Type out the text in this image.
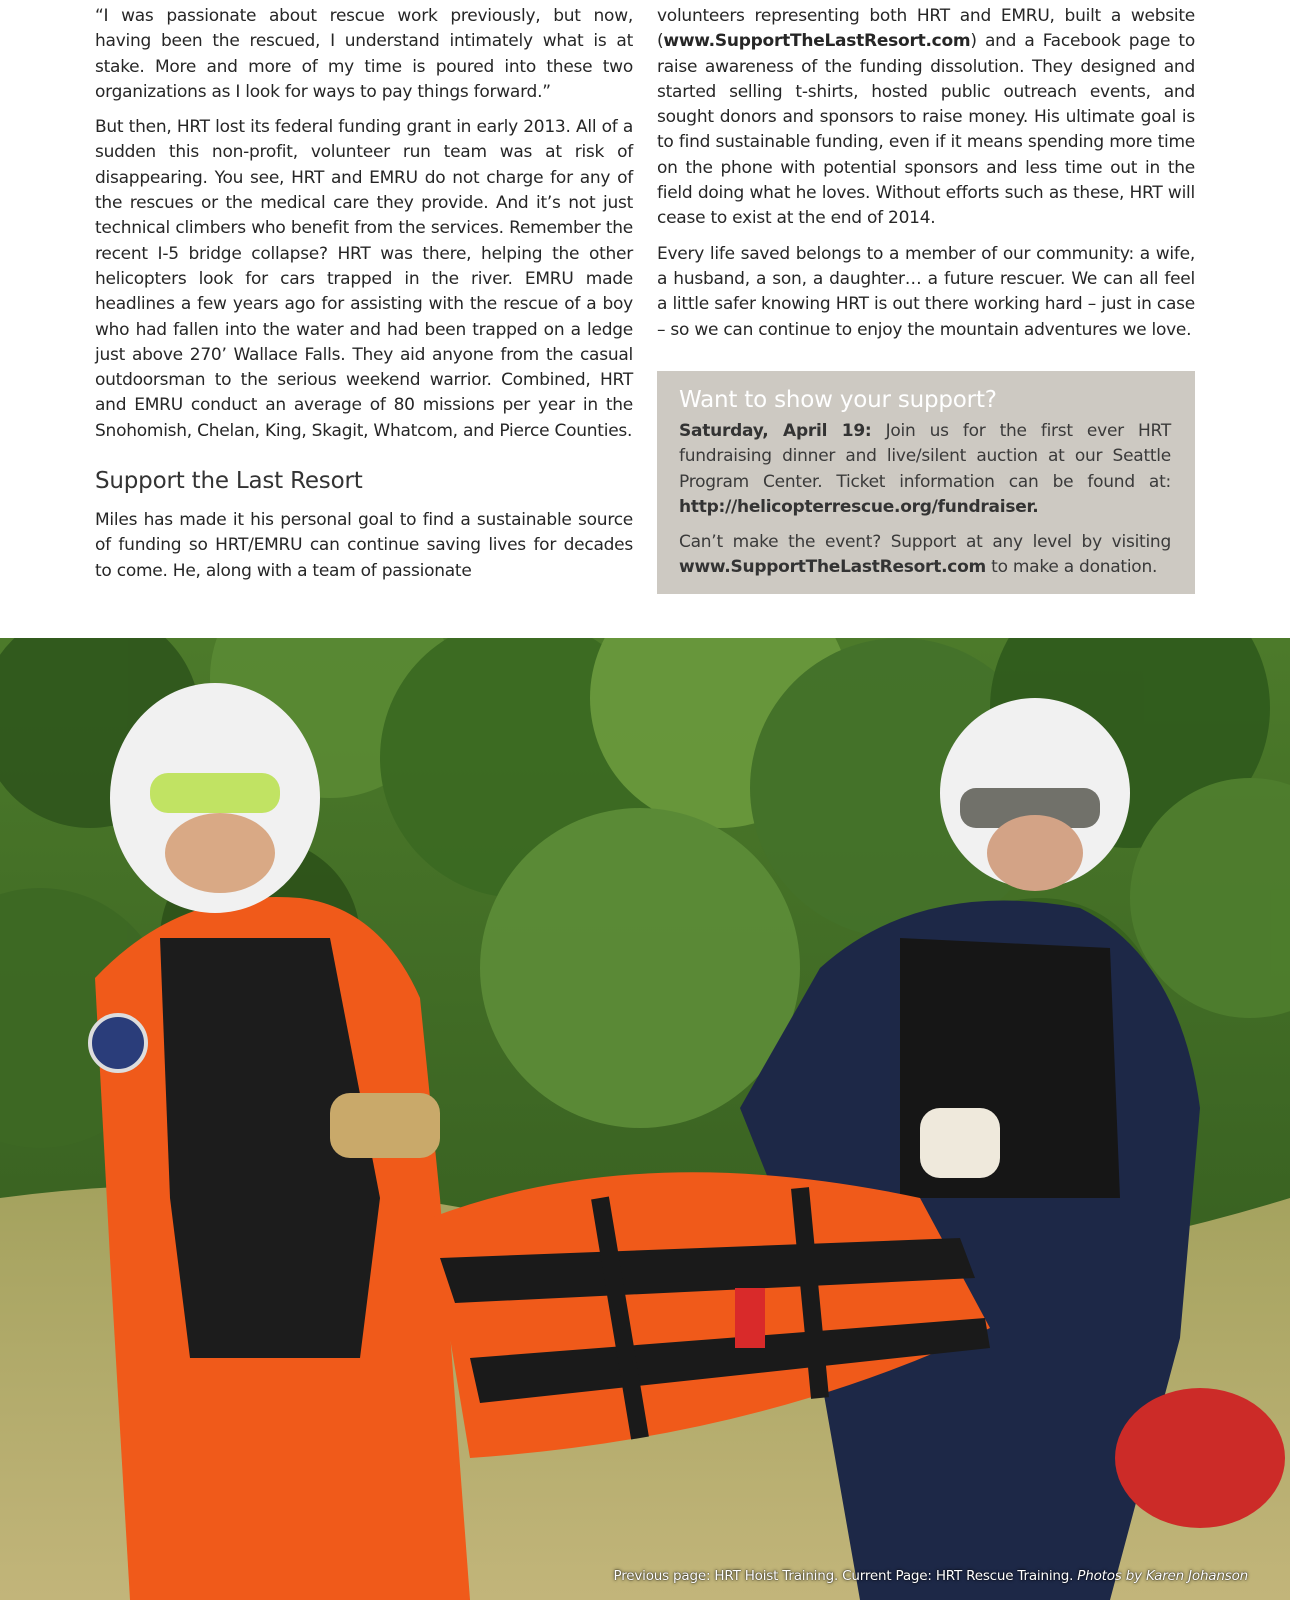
“I was passionate about rescue work previously, but now, having been the rescued, I understand intimately what is at stake. More and more of my time is poured into these two organizations as I look for ways to pay things forward.”

But then, HRT lost its federal funding grant in early 2013. All of a sudden this non-profit, volunteer run team was at risk of disappearing. You see, HRT and EMRU do not charge for any of the rescues or the medical care they provide. And it’s not just technical climbers who benefit from the services. Remember the recent I-5 bridge collapse? HRT was there, helping the other helicopters look for cars trapped in the river. EMRU made headlines a few years ago for assisting with the rescue of a boy who had fallen into the water and had been trapped on a ledge just above 270’ Wallace Falls. They aid anyone from the casual outdoorsman to the serious weekend warrior. Combined, HRT and EMRU conduct an average of 80 missions per year in the Snohomish, Chelan, King, Skagit, Whatcom, and Pierce Counties.

Support the Last Resort

Miles has made it his personal goal to find a sustainable source of funding so HRT/EMRU can continue saving lives for decades to come. He, along with a team of passionate

volunteers representing both HRT and EMRU, built a website (www.SupportTheLastResort.com) and a Facebook page to raise awareness of the funding dissolution. They designed and started selling t-shirts, hosted public outreach events, and sought donors and sponsors to raise money. His ultimate goal is to find sustainable funding, even if it means spending more time on the phone with potential sponsors and less time out in the field doing what he loves. Without efforts such as these, HRT will cease to exist at the end of 2014.

Every life saved belongs to a member of our community: a wife, a husband, a son, a daughter… a future rescuer. We can all feel a little safer knowing HRT is out there working hard – just in case – so we can continue to enjoy the mountain adventures we love.

Want to show your support?

Saturday, April 19: Join us for the first ever HRT fundraising dinner and live/silent auction at our Seattle Program Center. Ticket information can be found at: http://helicopterrescue.org/fundraiser.

Can’t make the event? Support at any level by visiting www.SupportTheLastResort.com to make a donation.

Previous page: HRT Hoist Training. Current Page: HRT Rescue Training. Photos by Karen Johanson
